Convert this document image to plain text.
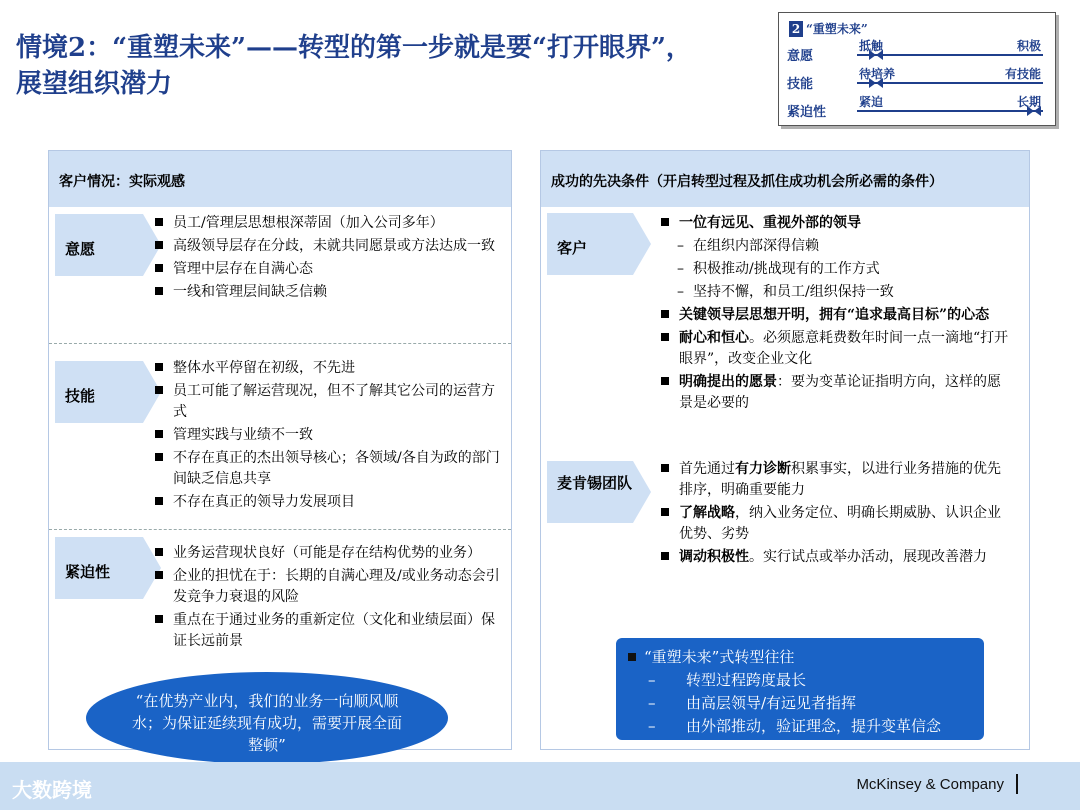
情境2：“重塑未来”——转型的第一步就是要“打开眼界”，
展望组织潜力
2 “重塑未来”
意愿
抵触	积极
技能
待培养	有技能
紧迫性
紧迫	长期
客户情况：实际观感
意愿
员工/管理层思想根深蒂固（加入公司多年）
高级领导层存在分歧，未就共同愿景或方法达成一致
管理中层存在自满心态
一线和管理层间缺乏信赖
技能
整体水平停留在初级，不先进
员工可能了解运营现况，但不了解其它公司的运营方式
管理实践与业绩不一致
不存在真正的杰出领导核心；各领域/各自为政的部门间缺乏信息共享
不存在真正的领导力发展项目
紧迫性
业务运营现状良好（可能是存在结构优势的业务）
企业的担忧在于：长期的自满心理及/或业务动态会引发竞争力衰退的风险
重点在于通过业务的重新定位（文化和业绩层面）保证长远前景
“在优势产业内，我们的业务一向顺风顺水；为保证延续现有成功，需要开展全面整顿”
成功的先决条件（开启转型过程及抓住成功机会所必需的条件）
客户
一位有远见、重视外部的领导
– 在组织内部深得信赖
– 积极推动/挑战现有的工作方式
– 坚持不懈，和员工/组织保持一致
关键领导层思想开明，拥有“追求最高目标”的心态
耐心和恒心。必须愿意耗费数年时间一点一滴地“打开眼界”，改变企业文化
明确提出的愿景：要为变革论证指明方向，这样的愿景是必要的
麦肯锡团队
首先通过有力诊断积累事实，以进行业务措施的优先排序，明确重要能力
了解战略，纳入业务定位、明确长期威胁、认识企业优势、劣势
调动积极性。实行试点或举办活动，展现改善潜力
“重塑未来”式转型往往
– 转型过程跨度最长
– 由高层领导/有远见者指挥
– 由外部推动，验证理念，提升变革信念
大数跨境	McKinsey & Company
